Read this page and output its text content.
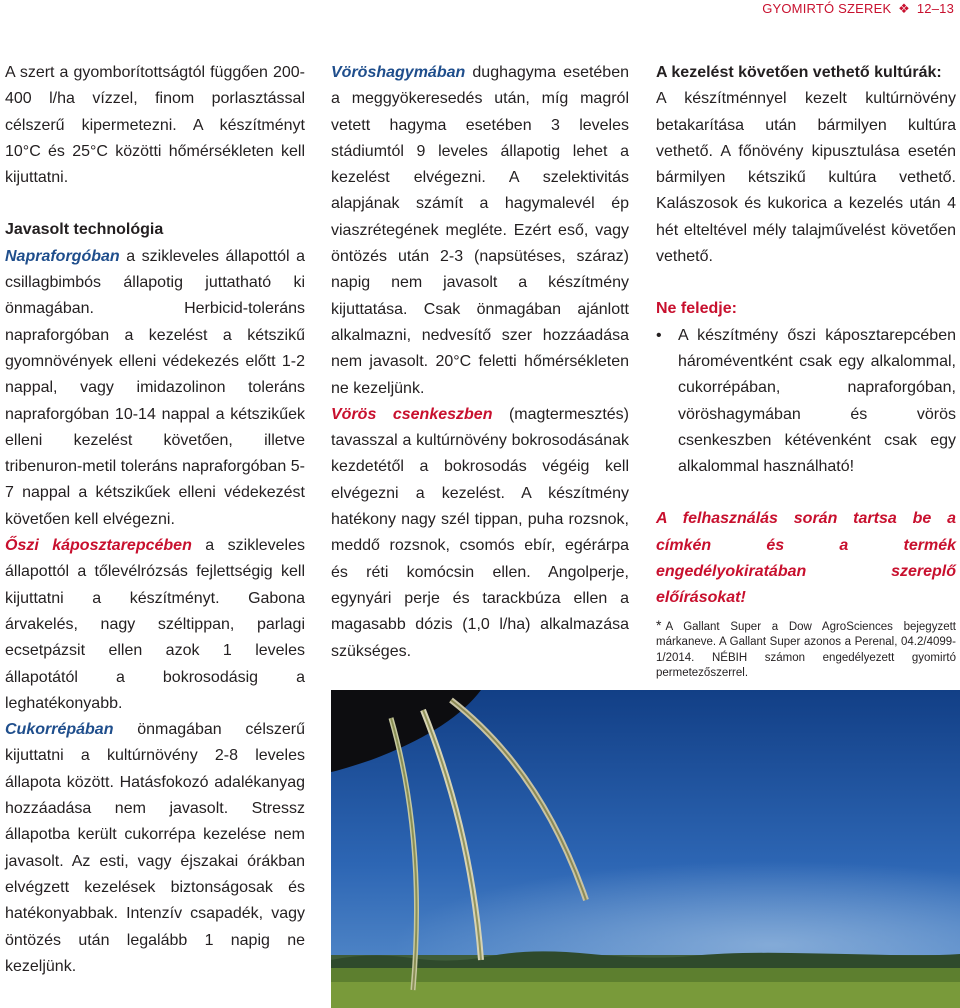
GYOMIRTÓ SZEREK ❖ 12–13

A szert a gyomborítottságtól függően 200-400 l/ha vízzel, finom porlasztással célszerű kipermetezni. A készítményt 10°C és 25°C közötti hőmérsékleten kell kijuttatni.

Javasolt technológia

Napraforgóban a szikleveles állapottól a csillagbimbós állapotig juttatható ki önmagában. Herbicid-toleráns napraforgóban a kezelést a kétszikű gyomnövények elleni védekezés előtt 1-2 nappal, vagy imidazolinon toleráns napraforgóban 10-14 nappal a kétszikűek elleni kezelést követően, illetve tribenuron-metil toleráns napraforgóban 5-7 nappal a kétszikűek elleni védekezést követően kell elvégezni.

Őszi káposztarepcében a szikleveles állapottól a tőlevélrózsás fejlettségig kell kijuttatni a készítményt. Gabona árvakelés, nagy széltippan, parlagi ecsetpázsit ellen azok 1 leveles állapotától a bokrosodásig a leghatékonyabb.

Cukorrépában önmagában célszerű kijuttatni a kultúrnövény 2-8 leveles állapota között. Hatásfokozó adalékanyag hozzáadása nem javasolt. Stressz állapotba került cukorrépa kezelése nem javasolt. Az esti, vagy éjszakai órákban elvégzett kezelések biztonságosak és hatékonyabbak. Intenzív csapadék, vagy öntözés után legalább 1 napig ne kezeljünk.

Vöröshagymában dughagyma esetében a meggyökeresedés után, míg magról vetett hagyma esetében 3 leveles stádiumtól 9 leveles állapotig lehet a kezelést elvégezni. A szelektivitás alapjának számít a hagymalevél ép viaszrétegének megléte. Ezért eső, vagy öntözés után 2-3 (napsütéses, száraz) napig nem javasolt a készítmény kijuttatása. Csak önmagában ajánlott alkalmazni, nedvesítő szer hozzáadása nem javasolt. 20°C feletti hőmérsékleten ne kezeljünk.

Vörös csenkeszben (magtermesztés) tavasszal a kultúrnövény bokrosodásának kezdetétől a bokrosodás végéig kell elvégezni a kezelést. A készítmény hatékony nagy szél tippan, puha rozsnok, meddő rozsnok, csomós ebír, egérárpa és réti komócsin ellen. Angolperje, egynyári perje és tarackbúza ellen a magasabb dózis (1,0 l/ha) alkalmazása szükséges.

A kezelést követően vethető kultúrák:

A készítménnyel kezelt kultúrnövény betakarítása után bármilyen kultúra vethető. A főnövény kipusztulása esetén bármilyen kétszikű kultúra vethető. Kalászosok és kukorica a kezelés után 4 hét elteltével mély talajművelést követően vethető.

Ne feledje:

•	A készítmény őszi káposztarepcében hároméventként csak egy alkalommal, cukorrépában, napraforgóban, vöröshagymában és vörös csenkeszben kétévenként csak egy alkalommal használható!

A felhasználás során tartsa be a címkén és a termék engedélyokiratában szereplő előírásokat!

* A Gallant Super a Dow AgroSciences bejegyzett márkaneve. A Gallant Super azonos a Perenal, 04.2/4099-1/2014. NÉBIH számon engedélyezett gyomirtó permetezőszerrel.
